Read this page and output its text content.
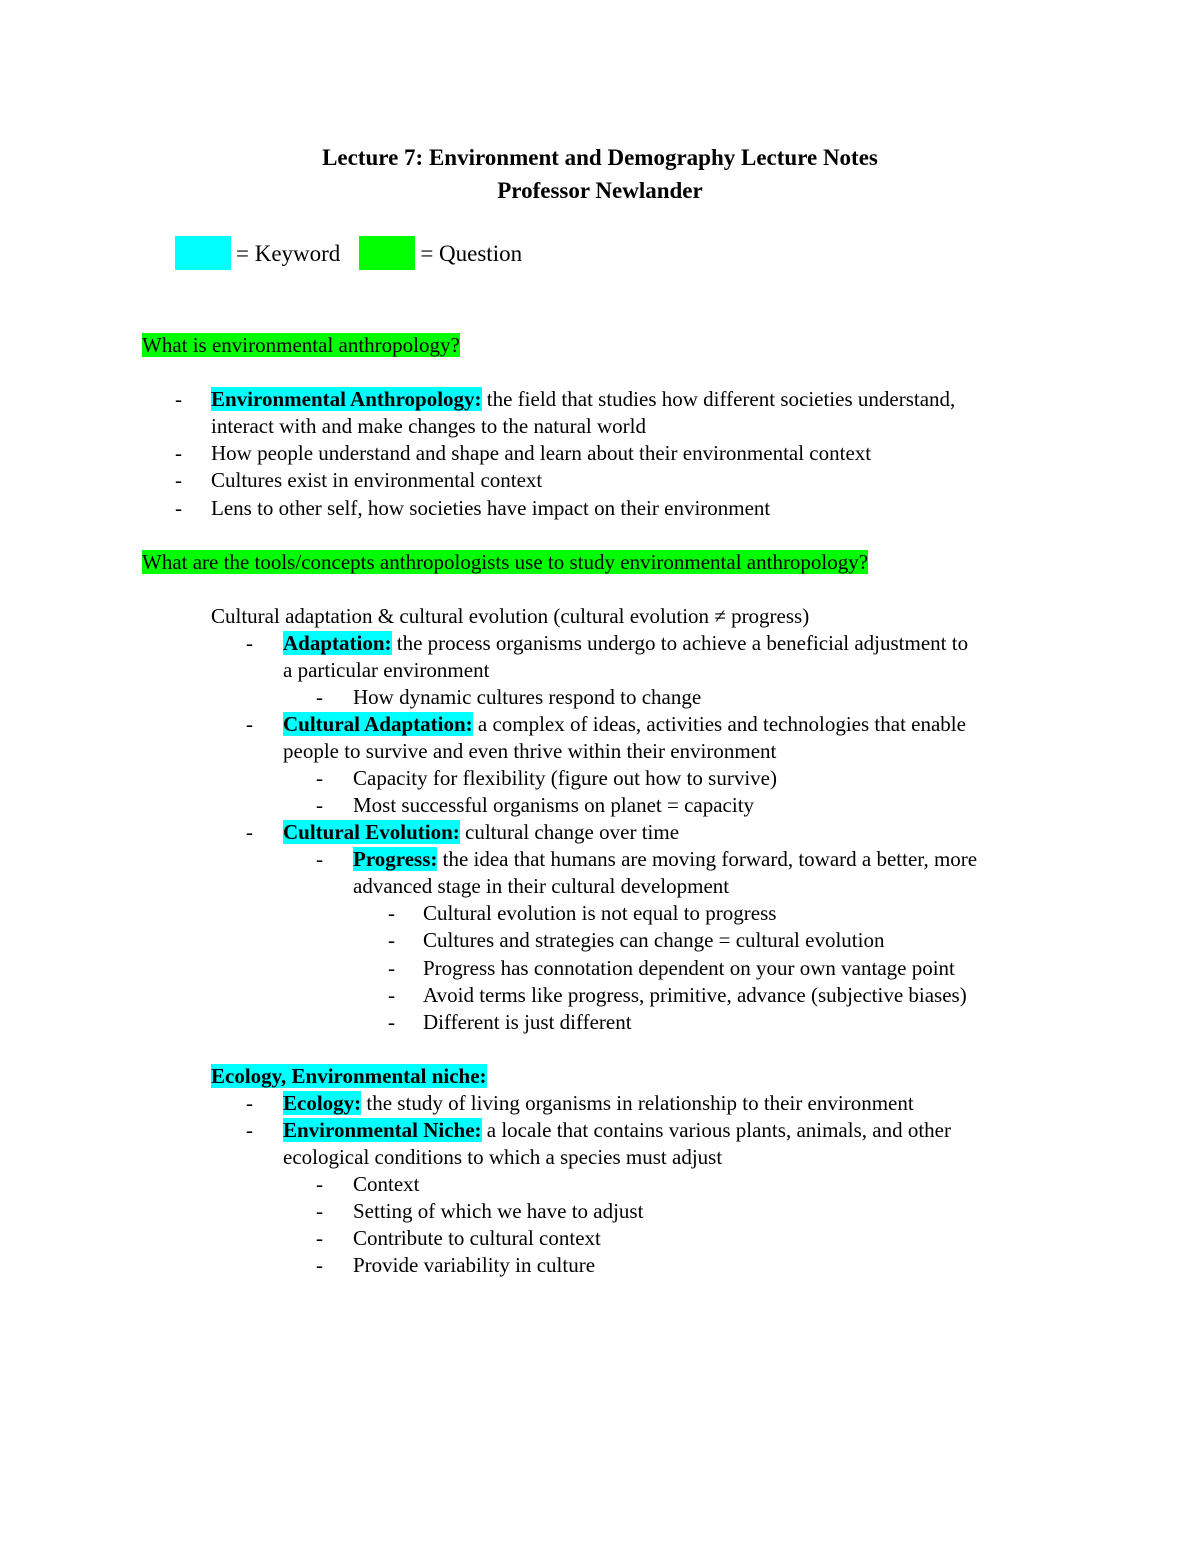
Lecture 7: Environment and Demography Lecture Notes
Professor Newlander
= Keyword	= Question
What is environmental anthropology?
- Environmental Anthropology: the field that studies how different societies understand,
interact with and make changes to the natural world
- How people understand and shape and learn about their environmental context
- Cultures exist in environmental context
- Lens to other self, how societies have impact on their environment
What are the tools/concepts anthropologists use to study environmental anthropology?
Cultural adaptation & cultural evolution (cultural evolution ≠ progress)
- Adaptation: the process organisms undergo to achieve a beneficial adjustment to
a particular environment
- How dynamic cultures respond to change
- Cultural Adaptation: a complex of ideas, activities and technologies that enable
people to survive and even thrive within their environment
- Capacity for flexibility (figure out how to survive)
- Most successful organisms on planet = capacity
- Cultural Evolution: cultural change over time
- Progress: the idea that humans are moving forward, toward a better, more
advanced stage in their cultural development
- Cultural evolution is not equal to progress
- Cultures and strategies can change = cultural evolution
- Progress has connotation dependent on your own vantage point
- Avoid terms like progress, primitive, advance (subjective biases)
- Different is just different
Ecology, Environmental niche:
- Ecology: the study of living organisms in relationship to their environment
- Environmental Niche: a locale that contains various plants, animals, and other
ecological conditions to which a species must adjust
- Context
- Setting of which we have to adjust
- Contribute to cultural context
- Provide variability in culture
